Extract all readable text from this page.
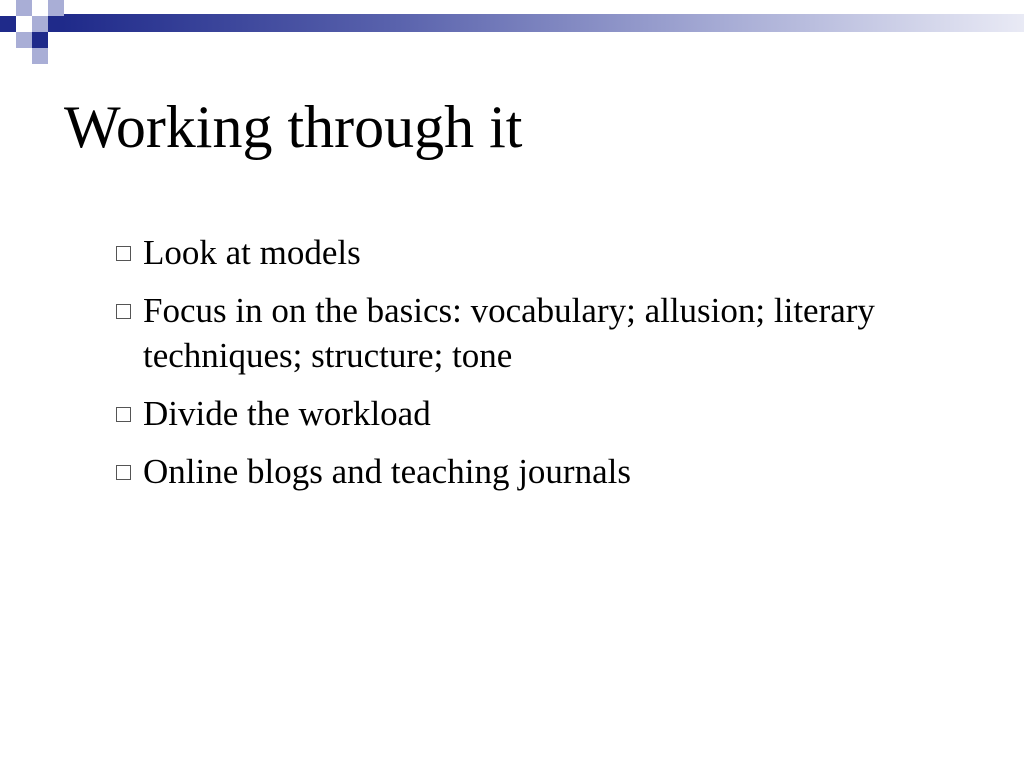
Working through it
Look at models
Focus in on the basics: vocabulary; allusion; literary techniques; structure; tone
Divide the workload
Online blogs and teaching journals
